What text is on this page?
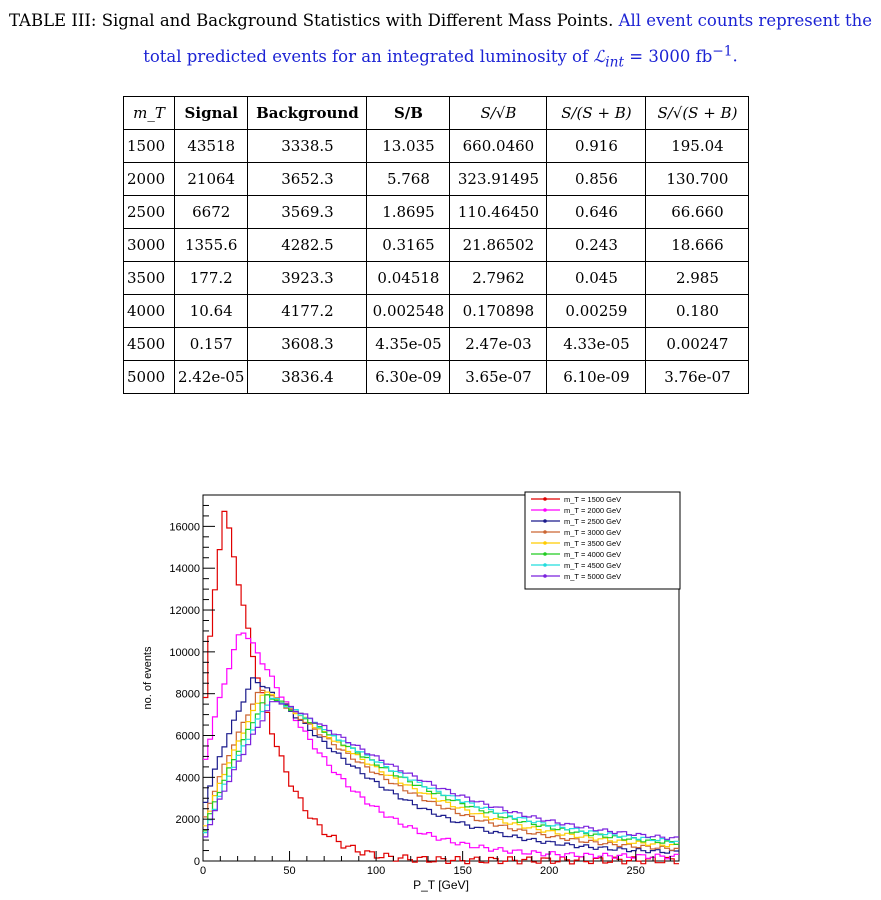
TABLE III: Signal and Background Statistics with Different Mass Points. All event counts represent the total predicted events for an integrated luminosity of ℒ$_{int}$ = 3000 $fb^{-1}$.
m_T	Signal	Background	S/B	S/√B	S/(S + B)	S/√(S + B)
1500	43518	3338.5	13.035	660.0460	0.916	195.04
2000	21064	3652.3	5.768	323.91495	0.856	130.700
2500	6672	3569.3	1.8695	110.46450	0.646	66.660
3000	1355.6	4282.5	0.3165	21.86502	0.243	18.666
3500	177.2	3923.3	0.04518	2.7962	0.045	2.985
4000	10.64	4177.2	0.002548	0.170898	0.00259	0.180
4500	0.157	3608.3	4.35e-05	2.47e-03	4.33e-05	0.00247
5000	2.42e-05	3836.4	6.30e-09	3.65e-07	6.10e-09	3.76e-07
0	50	100	150	200	250
0
2000
4000
6000
8000
10000
12000
14000
16000
P_T [GeV]
no. of events
m_T = 1500 GeV
m_T = 2000 GeV
m_T = 2500 GeV
m_T = 3000 GeV
m_T = 3500 GeV
m_T = 4000 GeV
m_T = 4500 GeV
m_T = 5000 GeV
